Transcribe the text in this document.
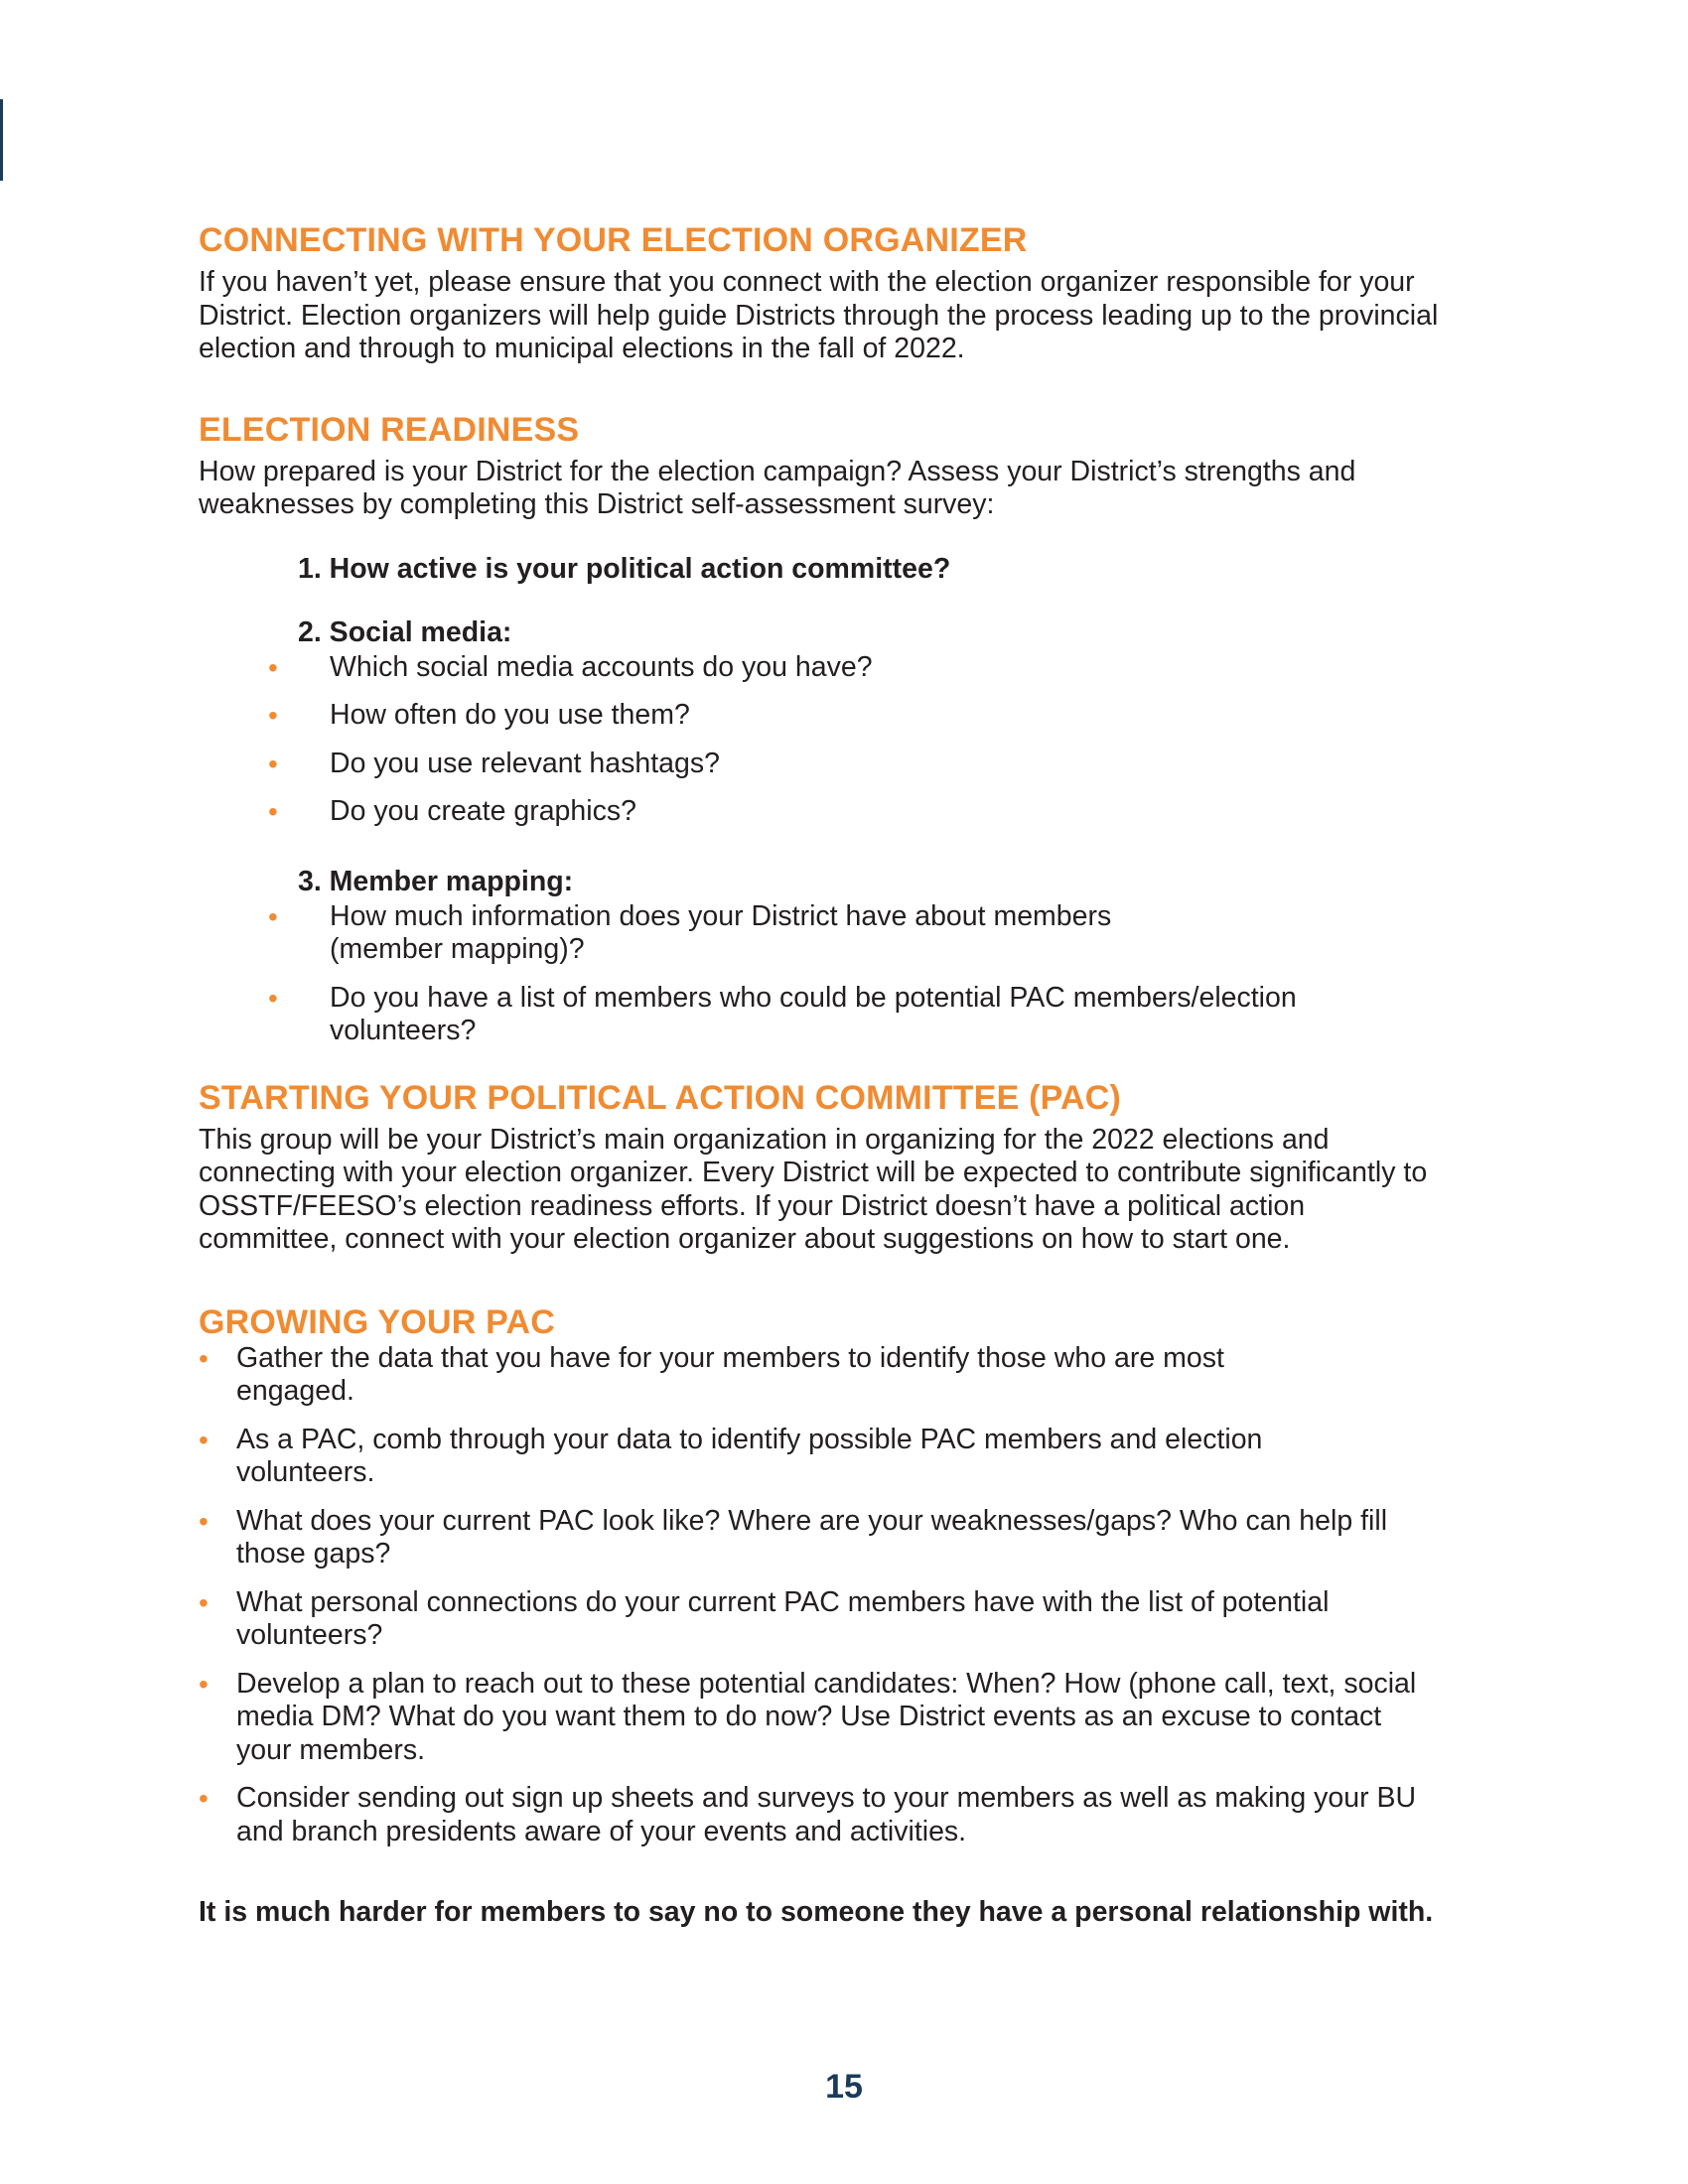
CONNECTING WITH YOUR ELECTION ORGANIZER

If you haven’t yet, please ensure that you connect with the election organizer responsible for your District. Election organizers will help guide Districts through the process leading up to the provincial election and through to municipal elections in the fall of 2022.

ELECTION READINESS

How prepared is your District for the election campaign? Assess your District’s strengths and weaknesses by completing this District self-assessment survey:

1. How active is your political action committee?

2. Social media:

• Which social media accounts do you have?
• How often do you use them?
• Do you use relevant hashtags?
• Do you create graphics?

3. Member mapping:

• How much information does your District have about members (member mapping)?
• Do you have a list of members who could be potential PAC members/election volunteers?
STARTING YOUR POLITICAL ACTION COMMITTEE (PAC)

This group will be your District’s main organization in organizing for the 2022 elections and connecting with your election organizer. Every District will be expected to contribute significantly to OSSTF/FEESO’s election readiness efforts. If your District doesn’t have a political action committee, connect with your election organizer about suggestions on how to start one.

GROWING YOUR PAC
• Gather the data that you have for your members to identify those who are most engaged.
• As a PAC, comb through your data to identify possible PAC members and election volunteers.
• What does your current PAC look like? Where are your weaknesses/gaps? Who can help fill those gaps?
• What personal connections do your current PAC members have with the list of potential volunteers?
• Develop a plan to reach out to these potential candidates: When? How (phone call, text, social media DM? What do you want them to do now? Use District events as an excuse to contact your members.
• Consider sending out sign up sheets and surveys to your members as well as making your BU and branch presidents aware of your events and activities.

It is much harder for members to say no to someone they have a personal relationship with.

15
